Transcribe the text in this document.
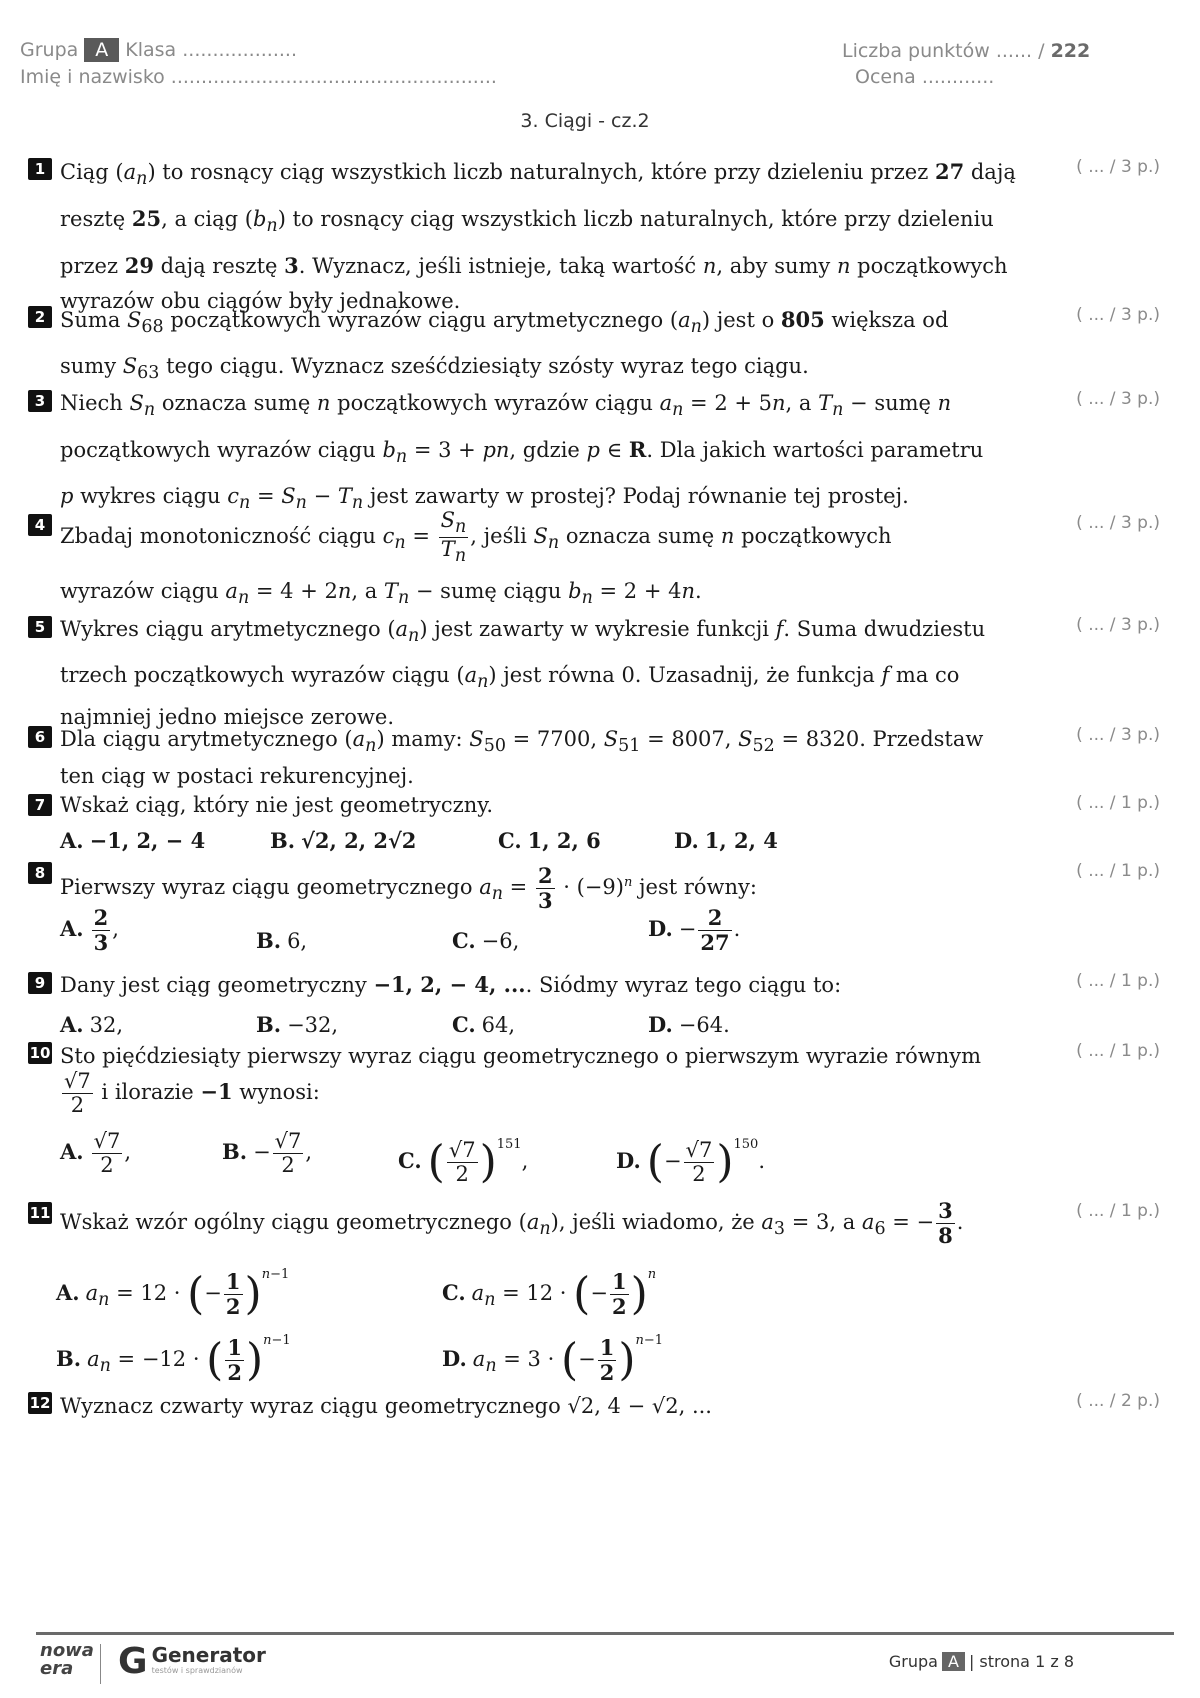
Grupa A Klasa ...................
Imię i nazwisko ......................................................
Liczba punktów ...... / 222
Ocena ............
3. Ciągi - cz.2
1 Ciąg $(a_n)$ to rosnący ciąg wszystkich liczb naturalnych, które przy dzieleniu przez 27 dają
resztę 25, a ciąg $(b_n)$ to rosnący ciąg wszystkich liczb naturalnych, które przy dzieleniu
przez 29 dają resztę 3. Wyznacz, jeśli istnieje, taką wartość n, aby sumy n początkowych
wyrazów obu ciągów były jednakowe.
( ... / 3 p.)
2 Suma $S_{68}$ początkowych wyrazów ciągu arytmetycznego $(a_n)$ jest o 805 większa od
sumy $S_{63}$ tego ciągu. Wyznacz sześćdziesiąty szósty wyraz tego ciągu.
( ... / 3 p.)
3 Niech $S_n$ oznacza sumę n początkowych wyrazów ciągu $a_n = 2 + 5n$, a $T_n$ − sumę n
początkowych wyrazów ciągu $b_n = 3$ + pn, gdzie p ∈ R. Dla jakich wartości parametru
p wykres ciągu $c_n = S_n - T_n$ jest zawarty w prostej? Podaj równanie tej prostej.
( ... / 3 p.)
4 Zbadaj monotoniczność ciągu $c_n = \frac{S_n}{T_n}$ , jeśli $S_n$ oznacza sumę n początkowych
wyrazów ciągu $a_n = 4 + 2n$, a $T_n$ − sumę ciągu $b_n = 2 + 4n$.
( ... / 3 p.)
5 Wykres ciągu arytmetycznego $(a_n)$ jest zawarty w wykresie funkcji f. Suma dwudziestu
trzech początkowych wyrazów ciągu $(a_n)$ jest równa 0. Uzasadnij, że funkcja f ma co
najmniej jedno miejsce zerowe.
( ... / 3 p.)
6 Dla ciągu arytmetycznego $(a_n)$ mamy: $S_{50} = 7700$, $S_{51} = 8007$, $S_{52} = 8320$. Przedstaw
ten ciąg w postaci rekurencyjnej.
( ... / 3 p.)
7 Wskaż ciąg, który nie jest geometryczny.	( ... / 1 p.)
A. −1, 2, − 4	B. √2, 2, 2√2	C. 1, 2, 6	D. 1, 2, 4
8
Pierwszy wyraz ciągu geometrycznego $a_n = \frac{2}{3} \cdot (-9)^n$ jest równy:
( ... / 1 p.)
A. $\frac{2}{3}$ ,	B. 6,	C. −6,	D. − $\frac{2}{27}$ .
9 Dany jest ciąg geometryczny −1, 2, − 4, .... Siódmy wyraz tego ciągu to:	( ... / 1 p.)
A. 32,	B. −32,	C. 64,	D. −64.
10 Sto pięćdziesiąty pierwszy wyraz ciągu geometrycznego o pierwszym wyrazie równym
$\frac{√7}{2}$ i ilorazie −1 wynosi:
( ... / 1 p.)
A. $\frac{√7}{2}$ ,	B. − $\frac{√7}{2}$ ,	C. ( $\frac{√7}{2} )^{151}$,	D. (− $\frac{√7}{2} )^{150}$.
11 Wskaż wzór ogólny ciągu geometrycznego $(a_n)$, jeśli wiadomo, że $a_3 = 3$, a $a_6$ = − $\frac{3}{8}$ .	( ... / 1 p.)
A. $a_n = 12$ · (− $\frac{1}{2} )^{n-1}$
C. $a_n = 12$ · (− $\frac{1}{2} )^n$
B. $a_n = -12$ · ( $\frac{1}{2} )^{n-1}$
D. $a_n = 3$ · (− $\frac{1}{2} )^{n-1}$
12 Wyznacz czwarty wyraz ciągu geometrycznego √2, 4 − √2, ...	( ... / 2 p.)
nowa era	G Generator
testów i sprawdzianów	Grupa A | strona 1 z 8
